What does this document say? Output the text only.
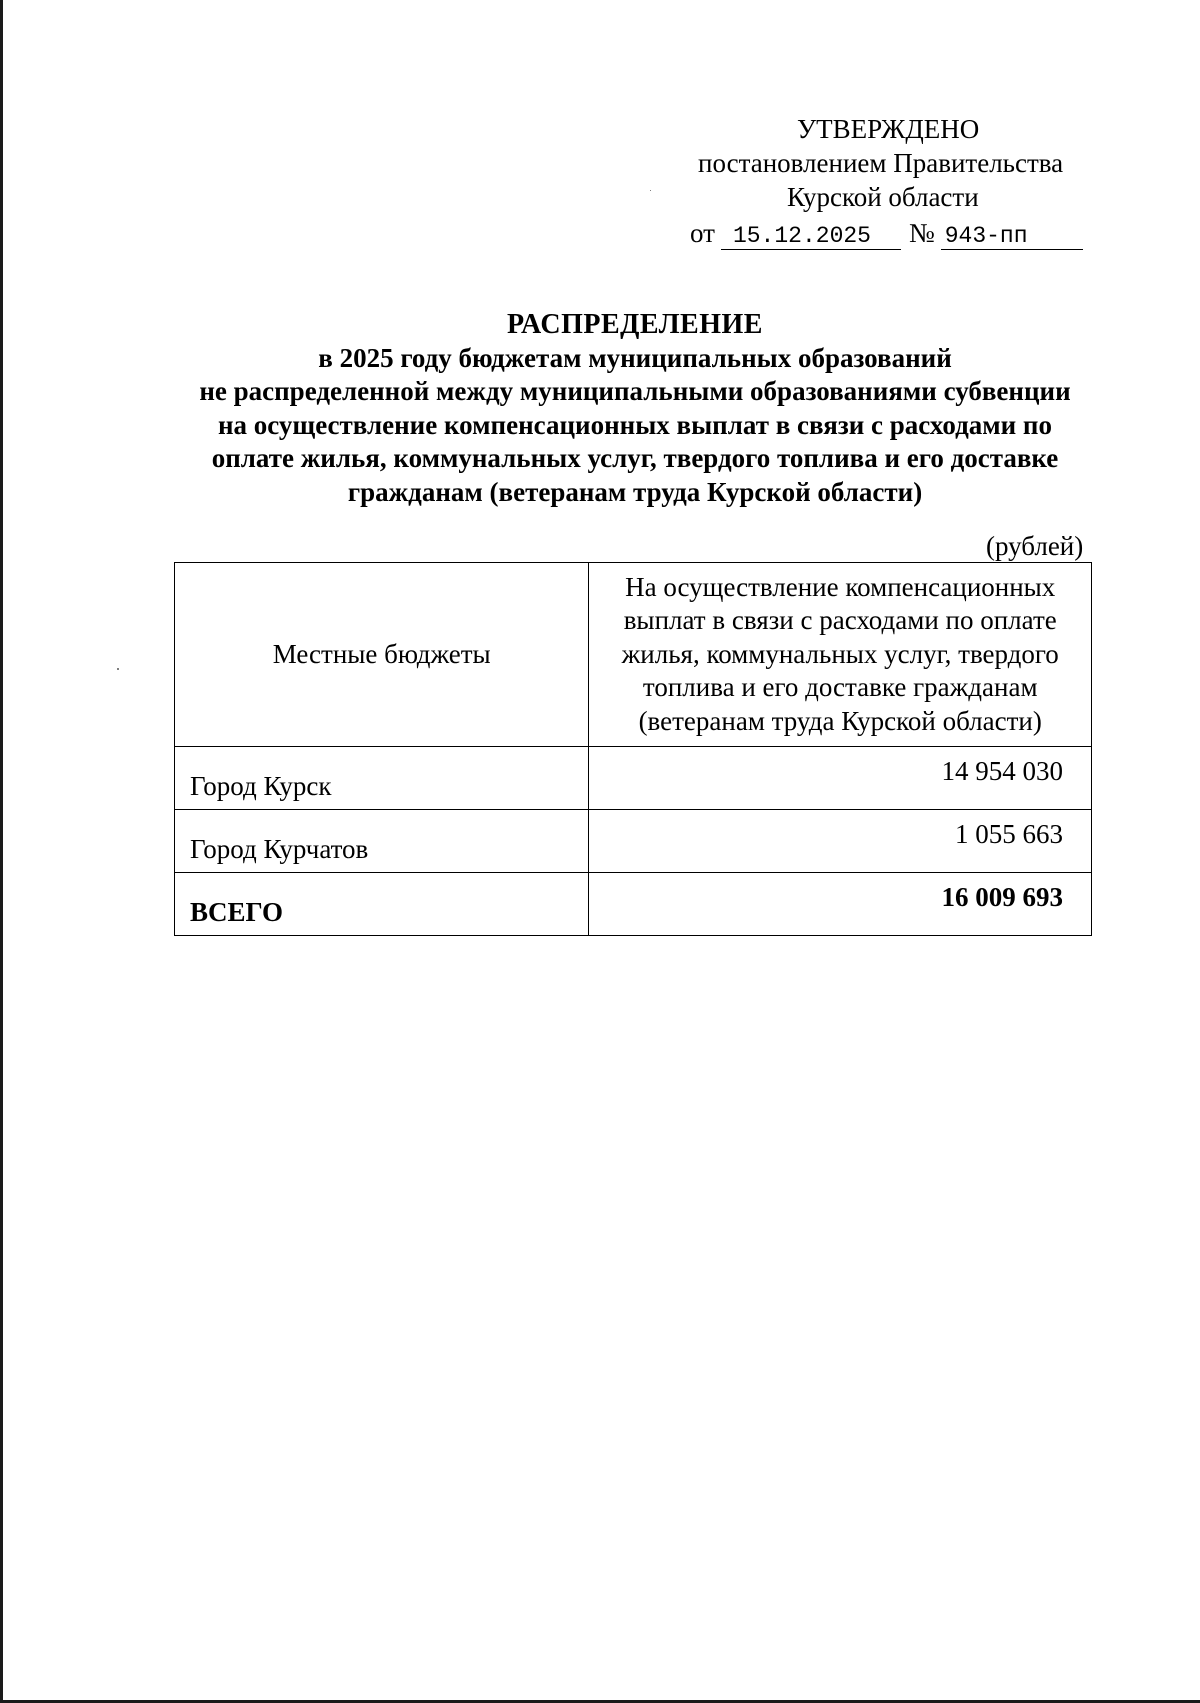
УТВЕРЖДЕНО
постановлением Правительства
Курской области
от 15.12.2025	№ 943-пп
РАСПРЕДЕЛЕНИЕ
в 2025 году бюджетам муниципальных образований
не распределенной между муниципальными образованиями субвенции
на осуществление компенсационных выплат в связи с расходами по
оплате жилья, коммунальных услуг, твердого топлива и его доставке
гражданам (ветеранам труда Курской области)
(рублей)
Местные бюджеты	На осуществление компенсационных
выплат в связи с расходами по оплате
жилья, коммунальных услуг, твердого
топлива и его доставке гражданам
(ветеранам труда Курской области)

Город Курск	14 954 030
Город Курчатов	1 055 663
ВСЕГО	16 009 693
